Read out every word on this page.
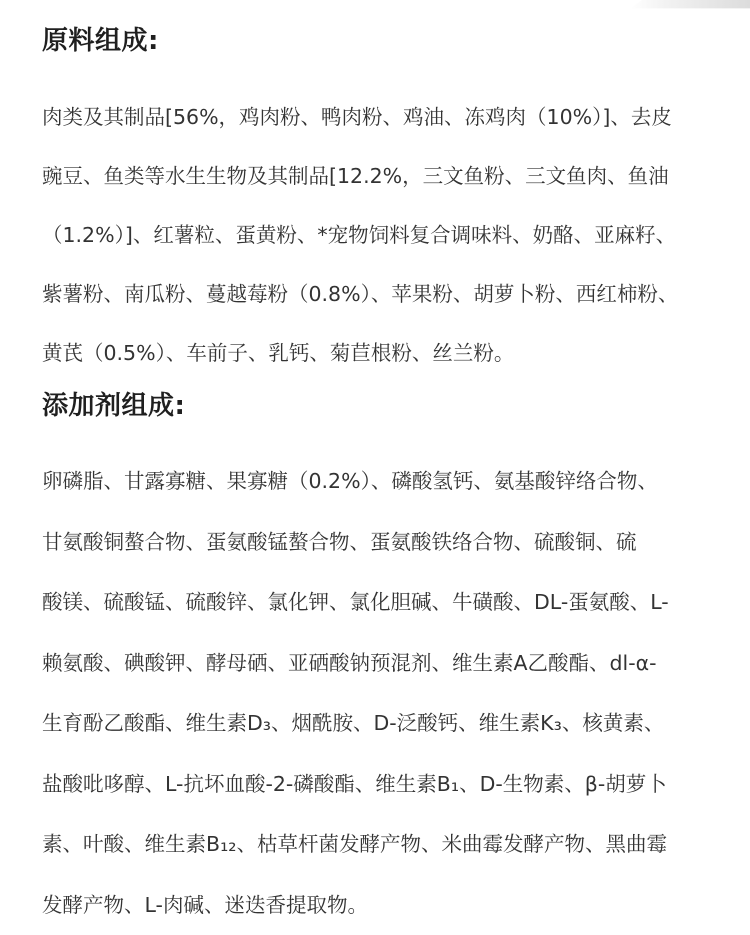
原料组成:
肉类及其制品[56%，鸡肉粉、鸭肉粉、鸡油、冻鸡肉（10%）]、去皮
豌豆、鱼类等水生生物及其制品[12.2%，三文鱼粉、三文鱼肉、鱼油
（1.2%）]、红薯粒、蛋黄粉、*宠物饲料复合调味料、奶酪、亚麻籽、
紫薯粉、南瓜粉、蔓越莓粉（0.8%）、苹果粉、胡萝卜粉、西红柿粉、
黄芪（0.5%）、车前子、乳钙、菊苣根粉、丝兰粉。
添加剂组成:
卵磷脂、甘露寡糖、果寡糖（0.2%）、磷酸氢钙、氨基酸锌络合物、
甘氨酸铜螯合物、蛋氨酸锰螯合物、蛋氨酸铁络合物、硫酸铜、硫
酸镁、硫酸锰、硫酸锌、氯化钾、氯化胆碱、牛磺酸、DL-蛋氨酸、L-
赖氨酸、碘酸钾、酵母硒、亚硒酸钠预混剂、维生素A乙酸酯、dl-α-
生育酚乙酸酯、维生素D₃、烟酰胺、D-泛酸钙、维生素K₃、核黄素、
盐酸吡哆醇、L-抗坏血酸-2-磷酸酯、维生素B₁、D-生物素、β-胡萝卜
素、叶酸、维生素B₁₂、枯草杆菌发酵产物、米曲霉发酵产物、黑曲霉
发酵产物、L-肉碱、迷迭香提取物。
